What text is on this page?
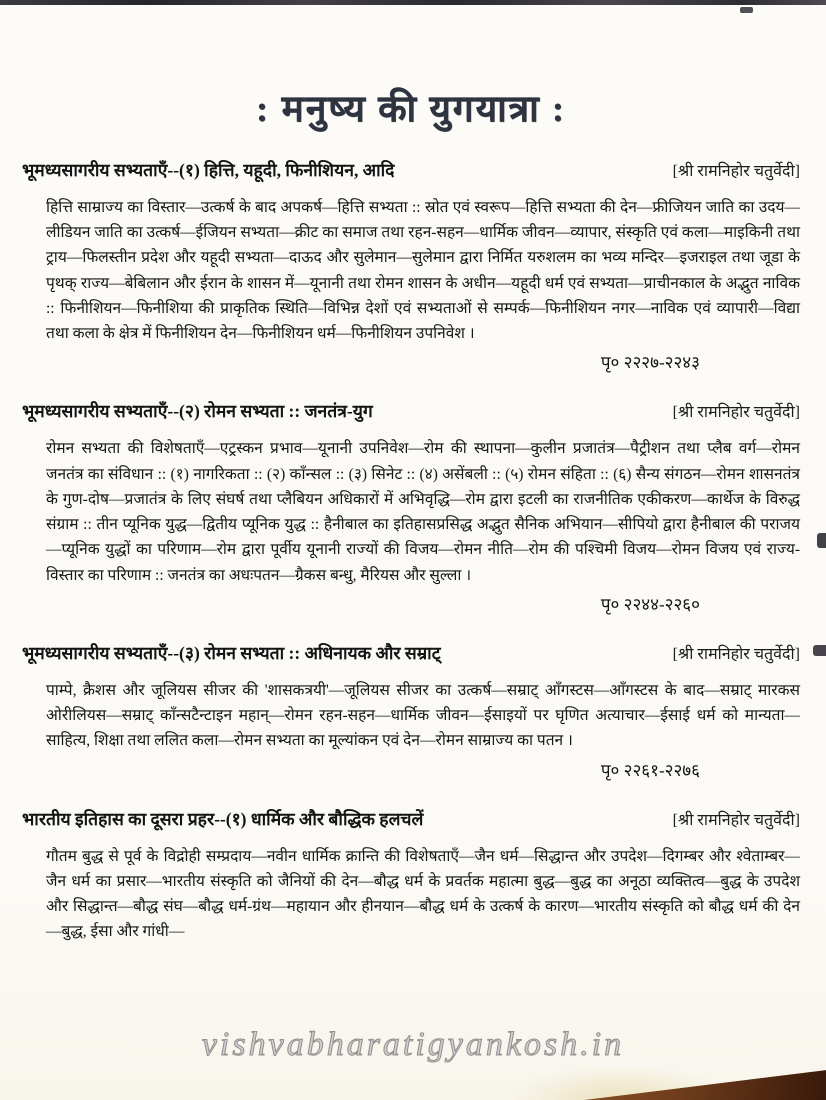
: मनुष्य की युगयात्रा :
भूमध्यसागरीय सभ्यताएँ--(१) हित्ति, यहूदी, फिनीशियन, आदि	[श्री रामनिहोर चतुर्वेदी]

हित्ति साम्राज्य का विस्तार—उत्कर्ष के बाद अपकर्ष—हित्ति सभ्यता :: स्रोत एवं स्वरूप—हित्ति सभ्यता की देन—फ्रीजियन जाति का उदय—लीडियन जाति का उत्कर्ष—ईजियन सभ्यता—क्रीट का समाज तथा रहन-सहन—धार्मिक जीवन—व्यापार, संस्कृति एवं कला—माइकिनी तथा ट्राय—फिलस्तीन प्रदेश और यहूदी सभ्यता—दाऊद और सुलेमान—सुलेमान द्वारा निर्मित यरुशलम का भव्य मन्दिर—इजराइल तथा जूडा के पृथक् राज्य—बेबिलान और ईरान के शासन में—यूनानी तथा रोमन शासन के अधीन—यहूदी धर्म एवं सभ्यता—प्राचीनकाल के अद्भुत नाविक :: फिनीशियन—फिनीशिया की प्राकृतिक स्थिति—विभिन्न देशों एवं सभ्यताओं से सम्पर्क—फिनीशियन नगर—नाविक एवं व्यापारी—विद्या तथा कला के क्षेत्र में फिनीशियन देन—फिनीशियन धर्म—फिनीशियन उपनिवेश ।

पृ० २२२७-२२४३
भूमध्यसागरीय सभ्यताएँ--(२) रोमन सभ्यता :: जनतंत्र-युग	[श्री रामनिहोर चतुर्वेदी]

रोमन सभ्यता की विशेषताएँ—एट्रस्कन प्रभाव—यूनानी उपनिवेश—रोम की स्थापना—कुलीन प्रजातंत्र—पैट्रीशन तथा प्लैब वर्ग—रोमन जनतंत्र का संविधान :: (१) नागरिकता :: (२) काँन्सल :: (३) सिनेट :: (४) असेंबली :: (५) रोमन संहिता :: (६) सैन्य संगठन—रोमन शासनतंत्र के गुण-दोष—प्रजातंत्र के लिए संघर्ष तथा प्लैबियन अधिकारों में अभिवृद्धि—रोम द्वारा इटली का राजनीतिक एकीकरण—कार्थेज के विरुद्ध संग्राम :: तीन प्यूनिक युद्ध—द्वितीय प्यूनिक युद्ध :: हैनीबाल का इतिहासप्रसिद्ध अद्भुत सैनिक अभियान—सीपियो द्वारा हैनीबाल की पराजय—प्यूनिक युद्धों का परिणाम—रोम द्वारा पूर्वीय यूनानी राज्यों की विजय—रोमन नीति—रोम की पश्चिमी विजय—रोमन विजय एवं राज्य-विस्तार का परिणाम :: जनतंत्र का अधःपतन—ग्रैकस बन्धु, मैरियस और सुल्ला ।

पृ० २२४४-२२६०
भूमध्यसागरीय सभ्यताएँ--(३) रोमन सभ्यता :: अधिनायक और सम्राट्	[श्री रामनिहोर चतुर्वेदी]

पाम्पे, क्रैशस और जूलियस सीजर की 'शासकत्रयी'—जूलियस सीजर का उत्कर्ष—सम्राट् आँगस्टस—आँगस्टस के बाद—सम्राट् मारकस ओरीलियस—सम्राट् काँन्सटैन्टाइन महान्—रोमन रहन-सहन—धार्मिक जीवन—ईसाइयों पर घृणित अत्याचार—ईसाई धर्म को मान्यता—साहित्य, शिक्षा तथा ललित कला—रोमन सभ्यता का मूल्यांकन एवं देन—रोमन साम्राज्य का पतन ।

पृ० २२६१-२२७६
भारतीय इतिहास का दूसरा प्रहर--(१) धार्मिक और बौद्धिक हलचलें	[श्री रामनिहोर चतुर्वेदी]

गौतम बुद्ध से पूर्व के विद्रोही सम्प्रदाय—नवीन धार्मिक क्रान्ति की विशेषताएँ—जैन धर्म—सिद्धान्त और उपदेश—दिगम्बर और श्वेताम्बर—जैन धर्म का प्रसार—भारतीय संस्कृति को जैनियों की देन—बौद्ध धर्म के प्रवर्तक महात्मा बुद्ध—बुद्ध का अनूठा व्यक्तित्व—बुद्ध के उपदेश और सिद्धान्त—बौद्ध संघ—बौद्ध धर्म-ग्रंथ—महायान और हीनयान—बौद्ध धर्म के उत्कर्ष के कारण—भारतीय संस्कृति को बौद्ध धर्म की देन—बुद्ध, ईसा और गांधी—

vishvabharatigyankosh.in
